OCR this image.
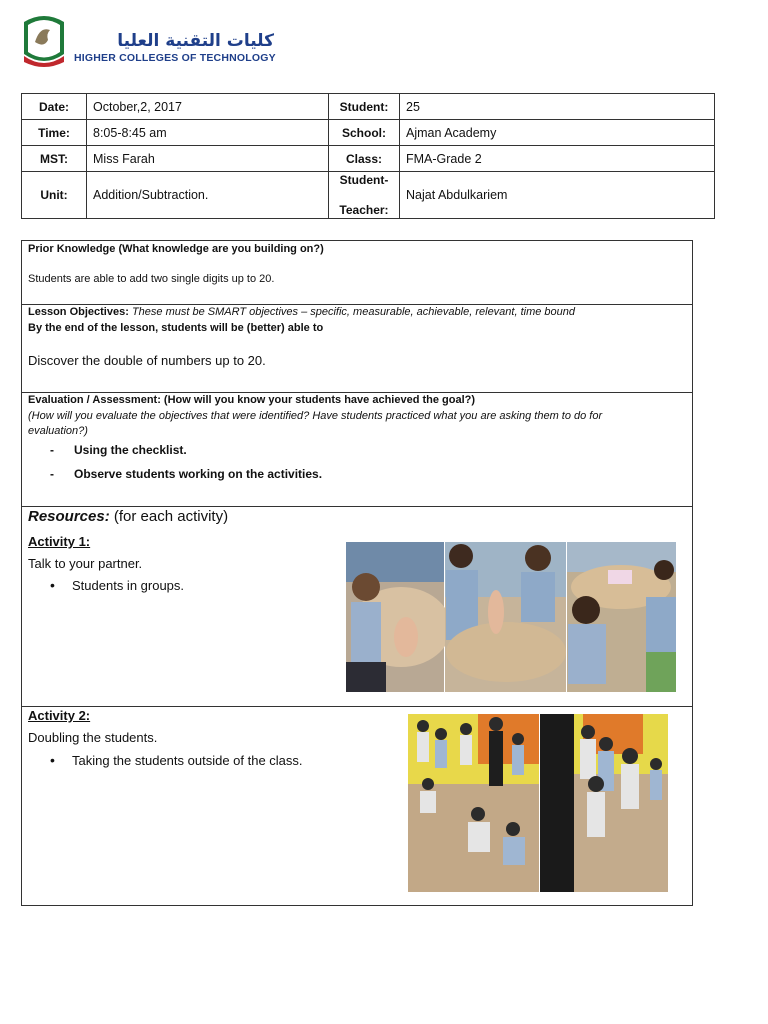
كليات التقنية العليا
HIGHER COLLEGES OF TECHNOLOGY
Date:	October,2, 2017	Student:	25
Time:	8:05-8:45 am	School:	Ajman Academy
MST:	Miss Farah	Class:	FMA-Grade 2
Unit:	Addition/Subtraction.	Student-
Teacher:	Najat Abdulkariem
Prior Knowledge (What knowledge are you building on?)
Students are able to add two single digits up to 20.
Lesson Objectives: These must be SMART objectives – specific, measurable, achievable, relevant, time bound
By the end of the lesson, students will be (better) able to
Discover the double of numbers up to 20.
Evaluation / Assessment: (How will you know your students have achieved the goal?)
(How will you evaluate the objectives that were identified? Have students practiced what you are asking them to do for
evaluation?)
- Using the checklist.
- Observe students working on the activities.
Resources: (for each activity)
Activity 1:
Talk to your partner.
• Students in groups.
Activity 2:
Doubling the students.
• Taking the students outside of the class.
